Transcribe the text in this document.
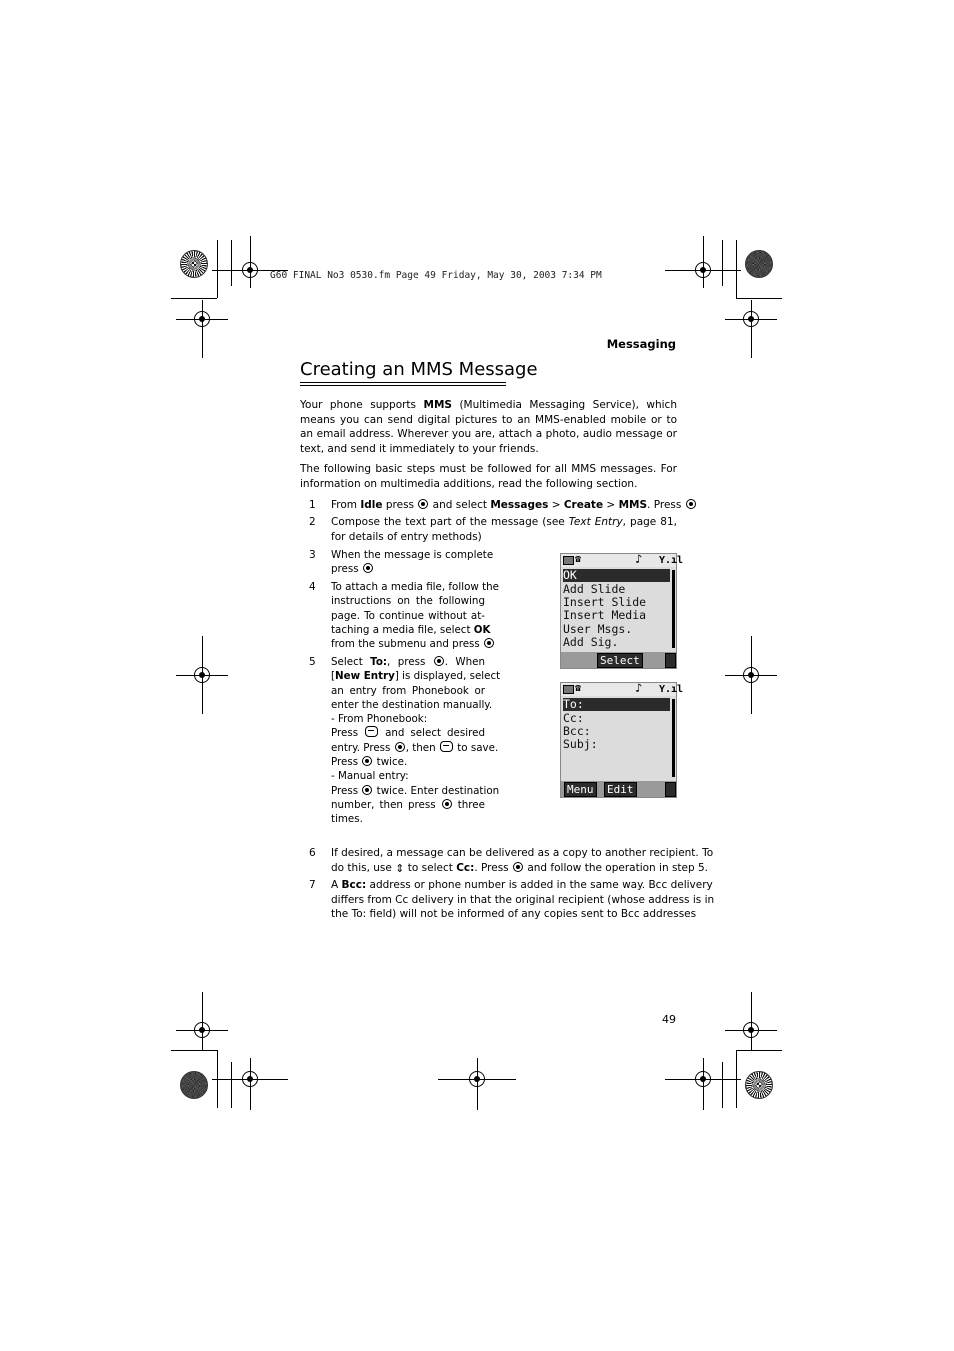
G60 FINAL No3 0530.fm Page 49 Friday, May 30, 2003 7:34 PM
Messaging
Creating an MMS Message
Your phone supports MMS (Multimedia Messaging Service), which means you can send digital pictures to an MMS-enabled mobile or to an email address. Wherever you are, attach a photo, audio message or text, and send it immediately to your friends.
The following basic steps must be followed for all MMS messages. For information on multimedia additions, read the following section.
1 From Idle press  and select Messages > Create > MMS. Press
2 Compose the text part of the message (see Text Entry, page 81, for details of entry methods)
3 When the message is complete
press
4 To attach a media file, follow the
instructions on the following
page. To continue without at-
taching a media file, select OK
from the submenu and press
5 Select To:, press . When
[New Entry] is displayed, select
an entry from Phonebook or
enter the destination manually.
- From Phonebook:
Press	and select desired
entry. Press , then to save.
Press twice.
- Manual entry:
Press twice. Enter destination
number, then press three
times.
☎	♪ Y.ıl
OK
Add Slide
Insert Slide
Insert Media
User Msgs.
Add Sig.
Select
☎	♪ Y.ıl
To:
Cc:
Bcc:
Subj:
Menu Edit
6 If desired, a message can be delivered as a copy to another recipient. To
do this, use ⇕ to select Cc:. Press and follow the operation in step 5.
7 A Bcc: address or phone number is added in the same way. Bcc delivery
differs from Cc delivery in that the original recipient (whose address is in
the To: field) will not be informed of any copies sent to Bcc addresses
49
